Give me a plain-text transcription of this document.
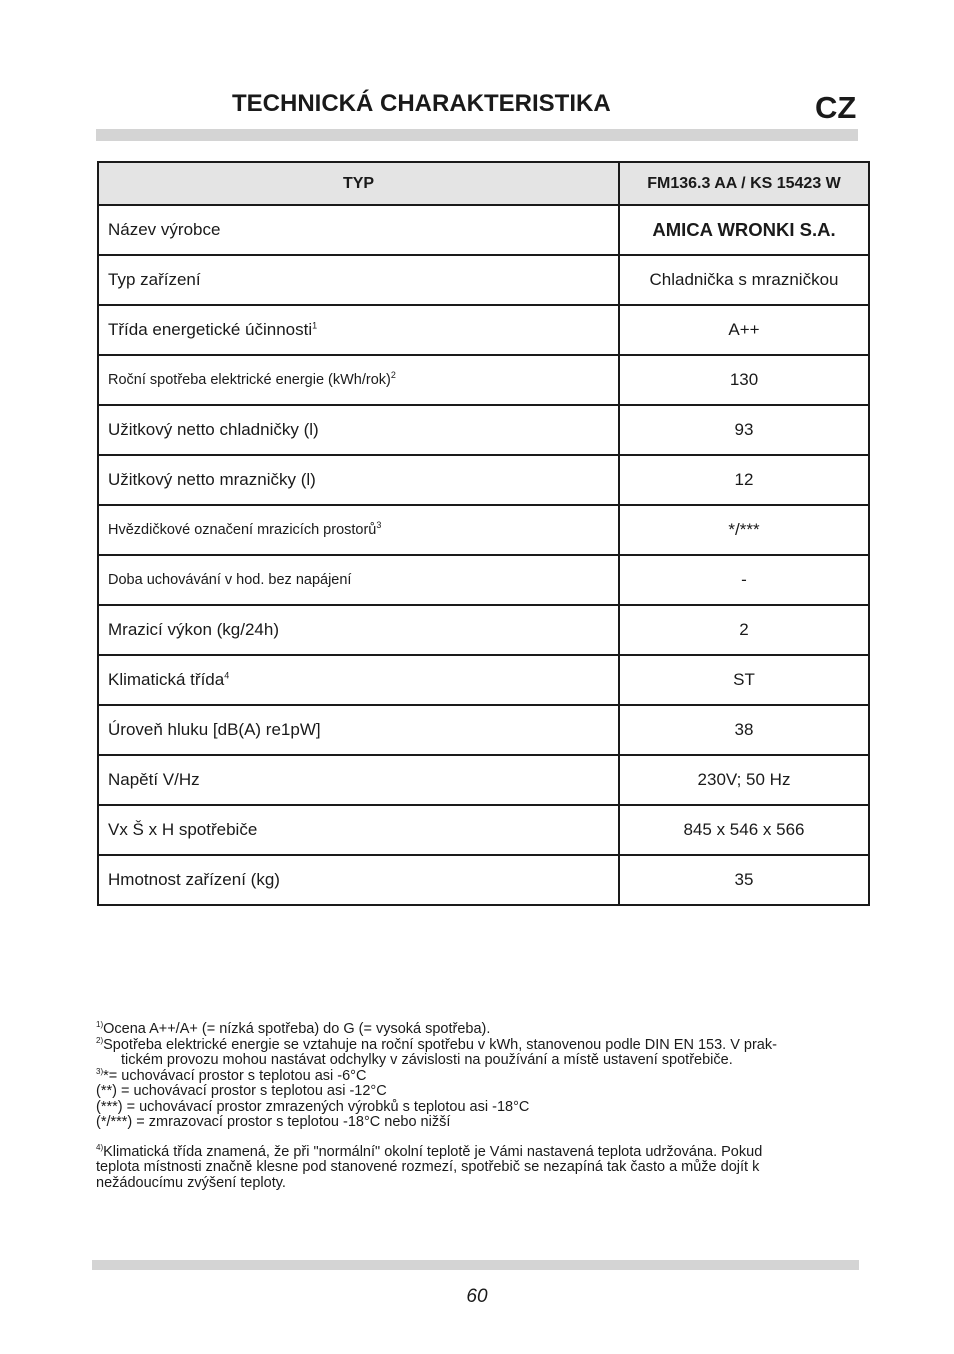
TECHNICKÁ CHARAKTERISTIKA	CZ
TYP	FM136.3 AA / KS 15423 W
Název výrobce	AMICA WRONKI S.A.
Typ zařízení	Chladnička s mrazničkou
Třída energetické účinnosti$^1$	A++
Roční spotřeba elektrické energie $(kWh/rok)^2$	130
Užitkový netto chladničky (l)	93
Užitkový netto mrazničky (l)	12
Hvězdičkové označení mrazicích prostorů$^3$	*/***
Doba uchovávání v hod. bez napájení	-
Mrazicí výkon (kg/24h)	2
Klimatická třída$^4$	ST
Úroveň hluku [dB(A) re1pW]	38
Napětí V/Hz	230V; 50 Hz
Vx Š x H spotřebiče	845 x 546 x 566
Hmotnost zařízení (kg)	35
$^{1)}$Ocena A++/A+ (= nízká spotřeba) do G (= vysoká spotřeba).
$^{2)}$Spotřeba elektrické energie se vztahuje na roční spotřebu v kWh, stanovenou podle DIN EN 153. V prak-
tickém provozu mohou nastávat odchylky v závislosti na používání a místě ustavení spotřebiče.
$^{3)}$*= uchovávací prostor s teplotou asi -6°C
(**) = uchovávací prostor s teplotou asi -12°C
(***) = uchovávací prostor zmrazených výrobků s teplotou asi -18°C
(*/***) = zmrazovací prostor s teplotou -18°C nebo nižší
$^{4)}$Klimatická třída znamená, že při "normální" okolní teplotě je Vámi nastavená teplota udržována. Pokud
teplota místnosti značně klesne pod stanovené rozmezí, spotřebič se nezapíná tak často a může dojít k
nežádoucímu zvýšení teploty.
60
